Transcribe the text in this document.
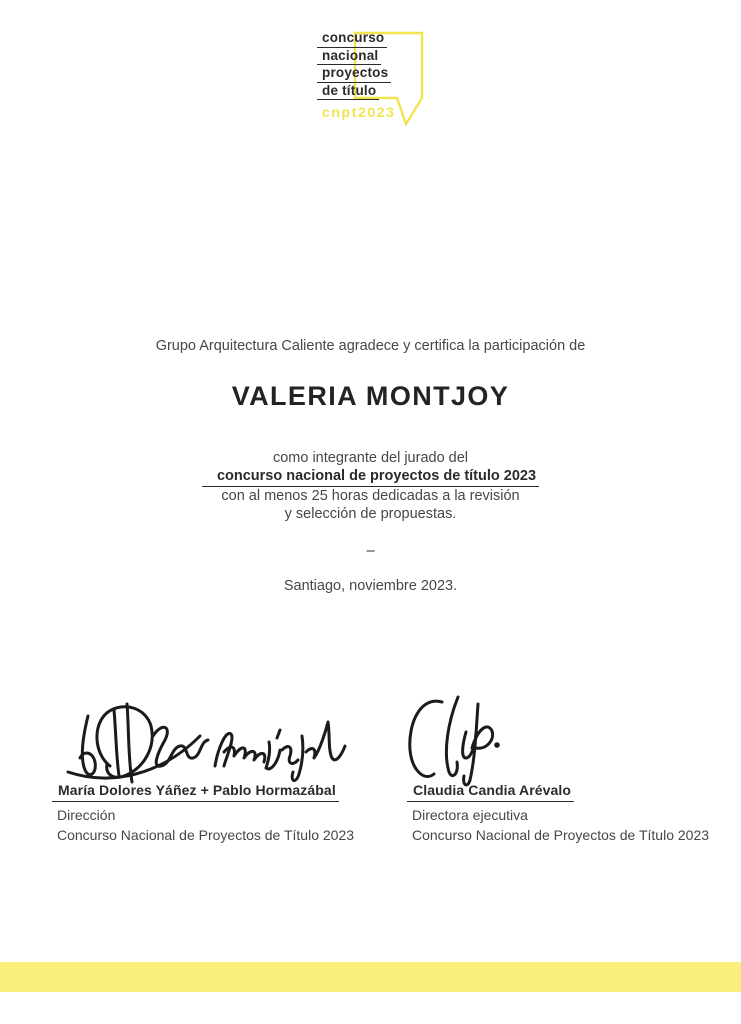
concurso
nacional
proyectos
de título
cnpt2023
Grupo Arquitectura Caliente agradece y certifica la participación de
VALERIA MONTJOY
como integrante del jurado del
concurso nacional de proyectos de título 2023
con al menos 25 horas dedicadas a la revisión
y selección de propuestas.
–
Santiago, noviembre 2023.
María Dolores Yáñez + Pablo Hormazábal
Dirección
Concurso Nacional de Proyectos de Título 2023
Claudia Candia Arévalo
Directora ejecutiva
Concurso Nacional de Proyectos de Título 2023
